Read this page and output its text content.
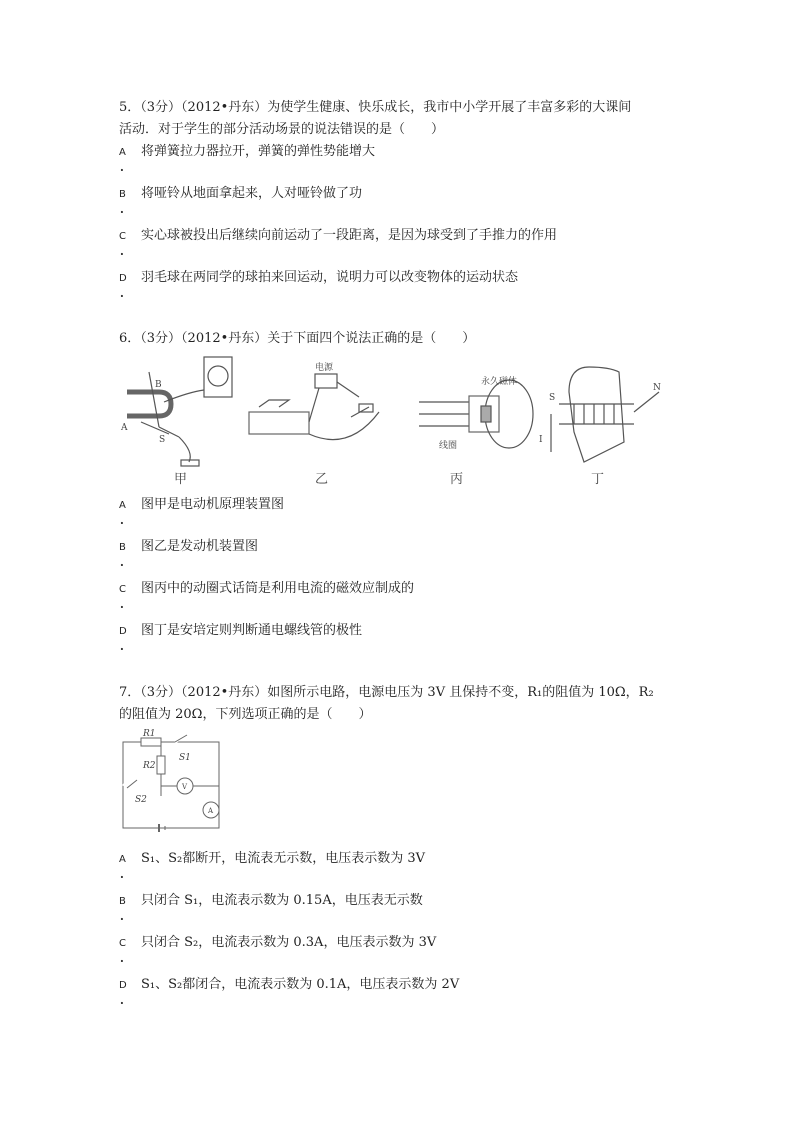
5．（3分）（2012•丹东）为使学生健康、快乐成长，我市中小学开展了丰富多彩的大课间

活动．对于学生的部分活动场景的说法错误的是（　　）

A
.
将弹簧拉力器拉开，弹簧的弹性势能增大
B
.
将哑铃从地面拿起来，人对哑铃做了功
C
.
实心球被投出后继续向前运动了一段距离，是因为球受到了手推力的作用
D
.
羽毛球在两同学的球拍来回运动，说明力可以改变物体的运动状态

6．（3分）（2012•丹东）关于下面四个说法正确的是（　　）

B
A
S
电源
永久磁体
线圈
S
N
I
甲	乙	丙	丁
A
.
图甲是电动机原理装置图
B
.
图乙是发动机装置图
C
.
图丙中的动圈式话筒是利用电流的磁效应制成的
D
.
图丁是安培定则判断通电螺线管的极性

7．（3分）（2012•丹东）如图所示电路，电源电压为 3V 且保持不变，R₁的阻值为 10Ω，R₂

的阻值为 20Ω，下列选项正确的是（　　）

R1
S1
R2
S2
V
A
A
.
S₁、S₂都断开，电流表无示数，电压表示数为 3V
B
.
只闭合 S₁，电流表示数为 0.15A，电压表无示数
C
.
只闭合 S₂，电流表示数为 0.3A，电压表示数为 3V
D
.
S₁、S₂都闭合，电流表示数为 0.1A，电压表示数为 2V
